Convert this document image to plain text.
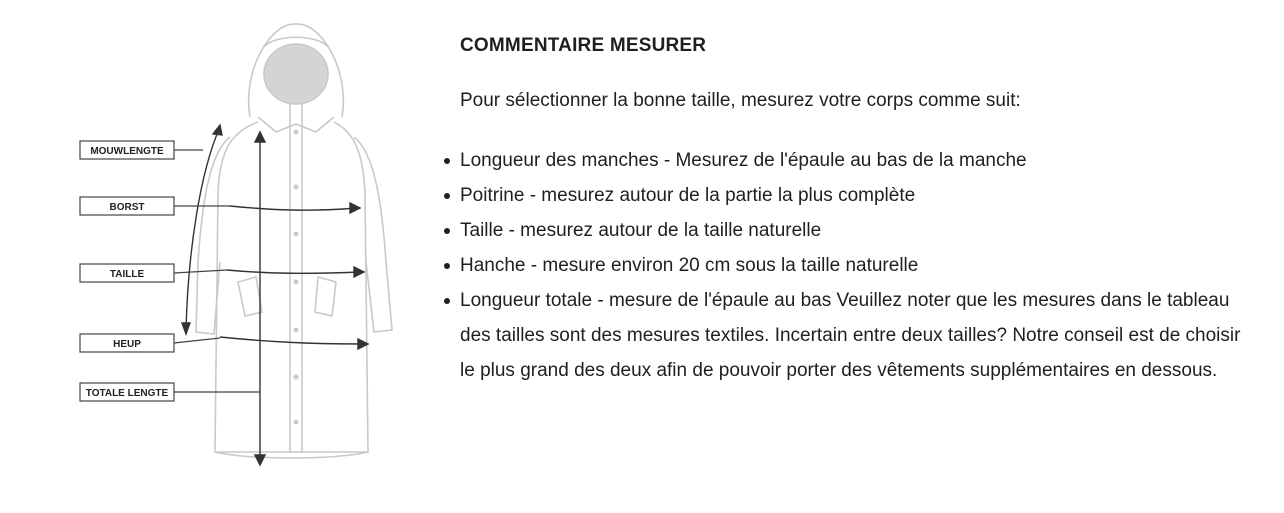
MOUWLENGTE
BORST
TAILLE
HEUP
TOTALE LENGTE
COMMENTAIRE MESURER

Pour sélectionner la bonne taille, mesurez votre corps comme suit:

Longueur des manches - Mesurez de l'épaule au bas de la manche
Poitrine - mesurez autour de la partie la plus complète
Taille - mesurez autour de la taille naturelle
Hanche - mesure environ 20 cm sous la taille naturelle
Longueur totale - mesure de l'épaule au bas Veuillez noter que les mesures dans le tableau des tailles sont des mesures textiles. Incertain entre deux tailles? Notre conseil est de choisir le plus grand des deux afin de pouvoir porter des vêtements supplémentaires en dessous.
